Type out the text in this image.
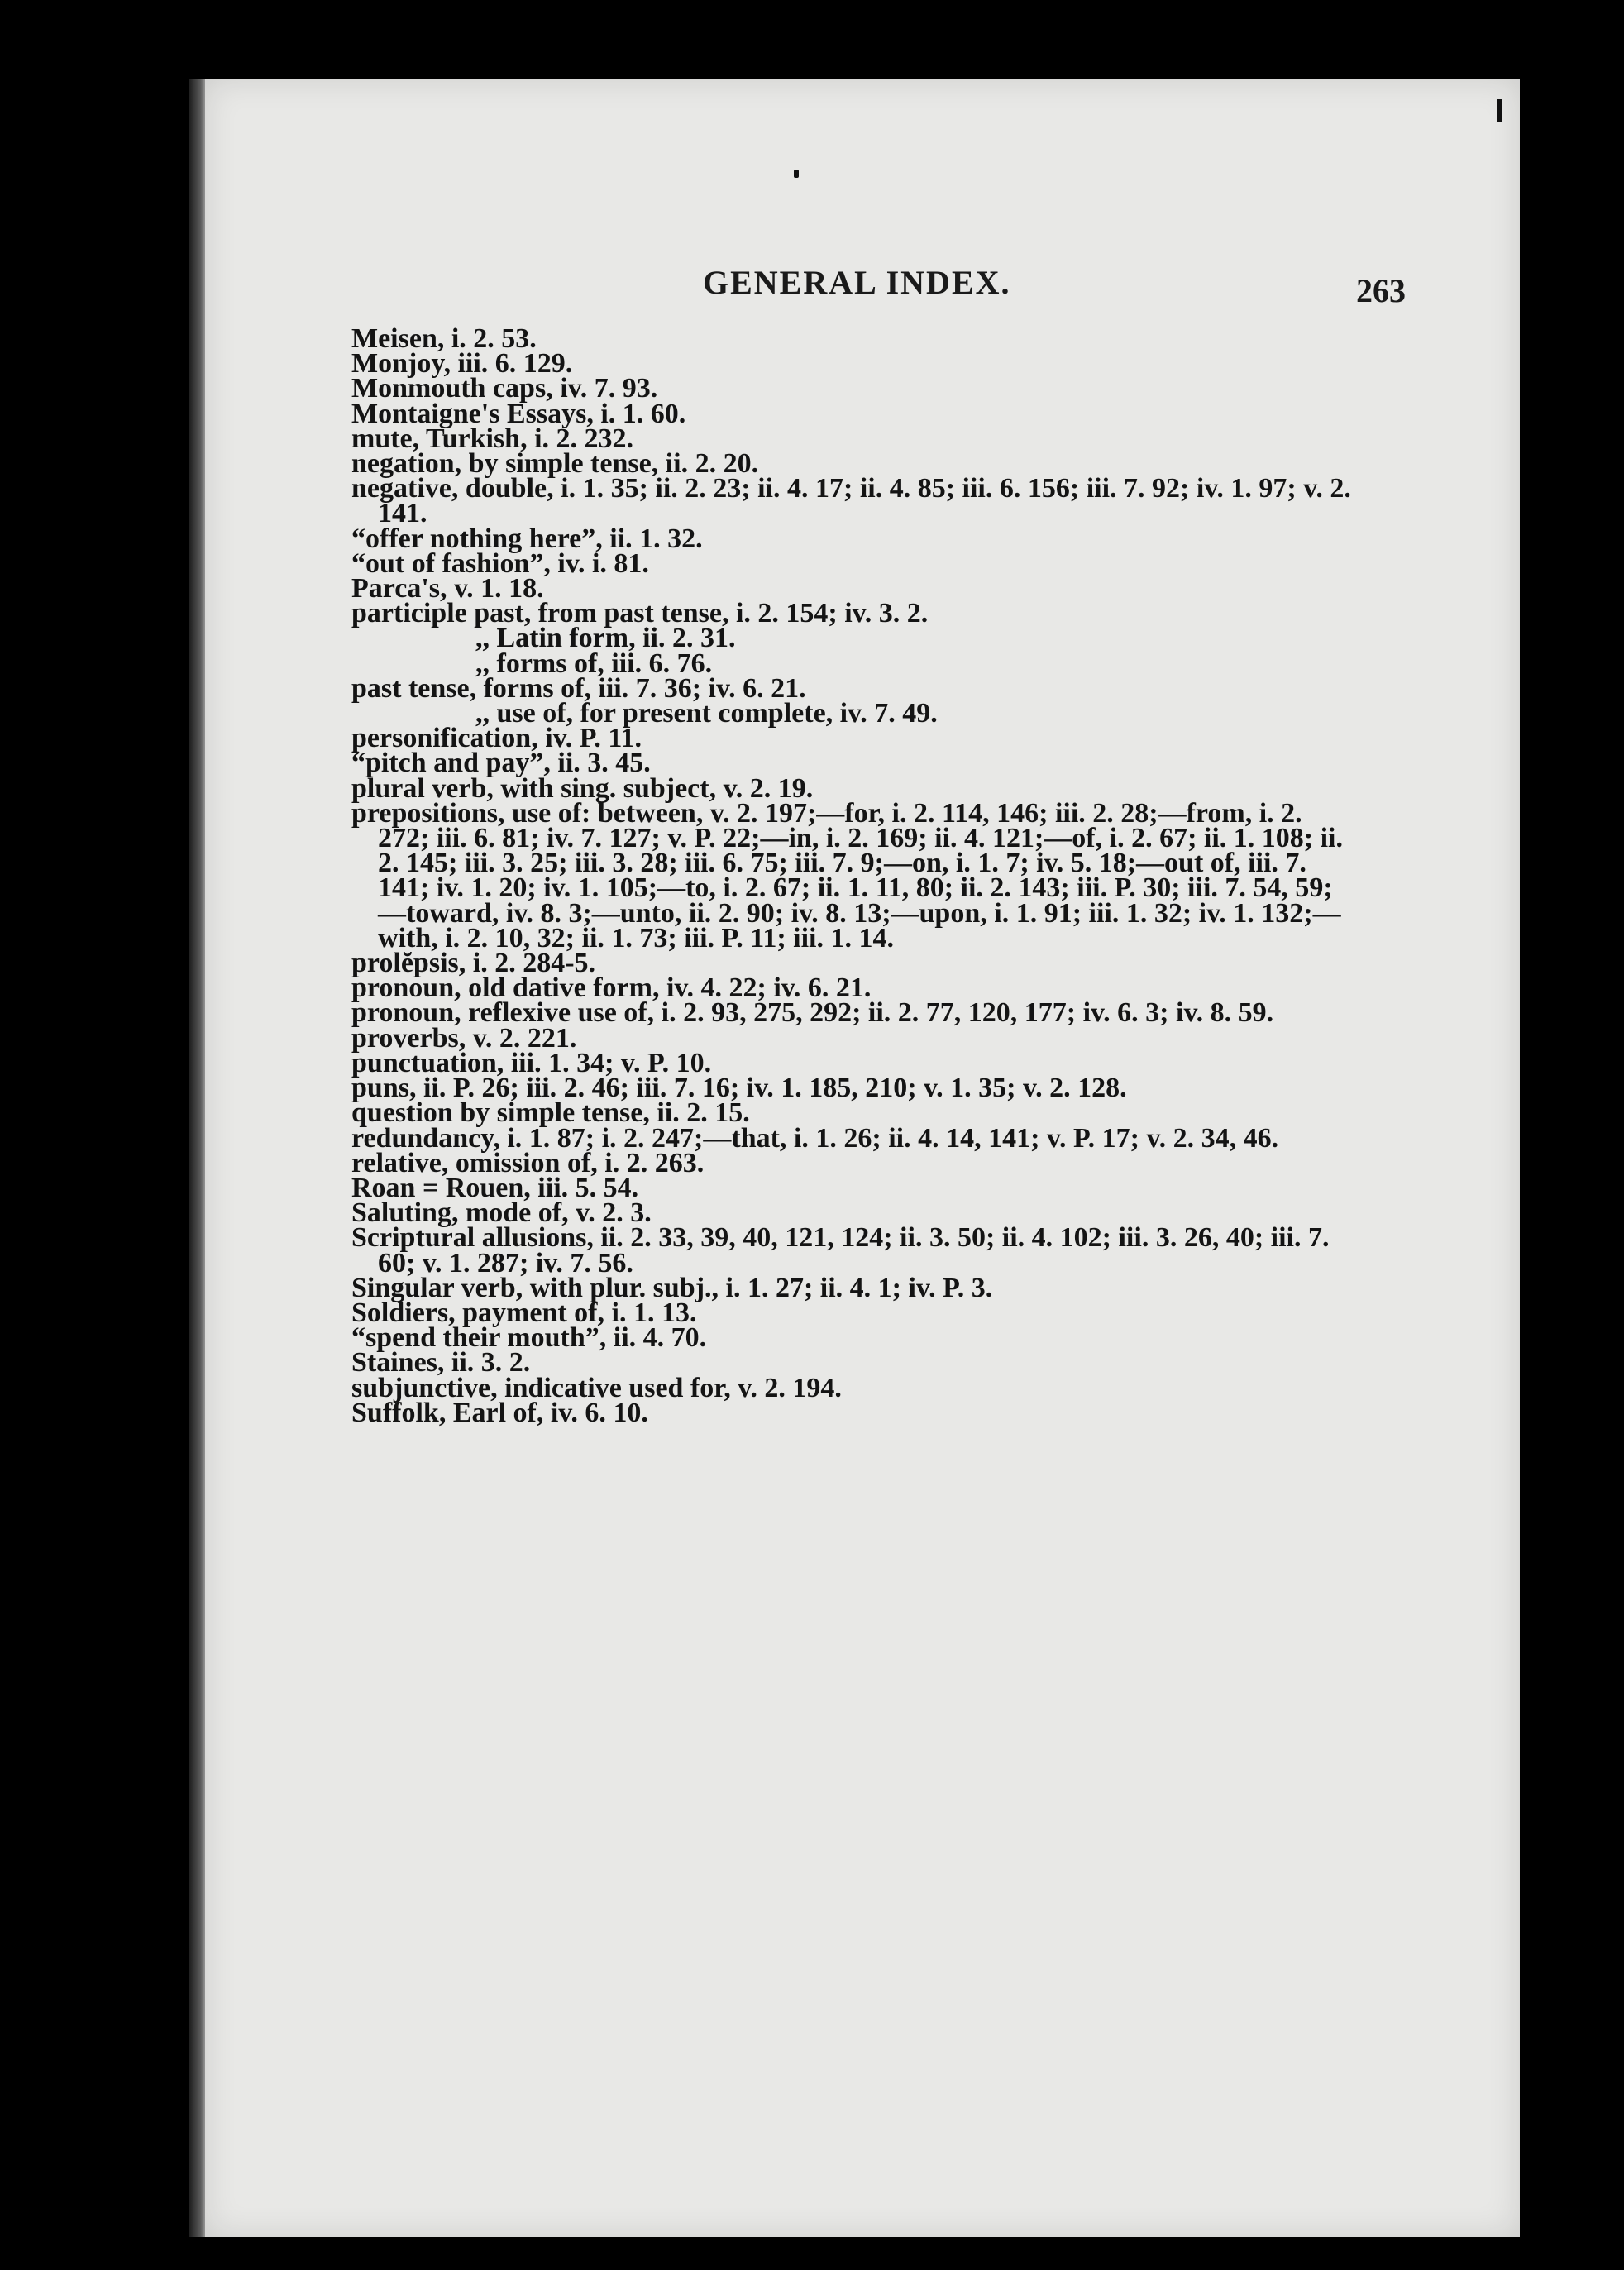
GENERAL INDEX.	263
Meisen, i. 2. 53.
Monjoy, iii. 6. 129.
Monmouth caps, iv. 7. 93.
Montaigne's Essays, i. 1. 60.
mute, Turkish, i. 2. 232.
negation, by simple tense, ii. 2. 20.
negative, double, i. 1. 35; ii. 2. 23; ii. 4. 17; ii. 4. 85; iii. 6. 156; iii. 7. 92; iv. 1. 97; v. 2. 141.
“offer nothing here”, ii. 1. 32.
“out of fashion”, iv. i. 81.
Parca's, v. 1. 18.
participle past, from past tense, i. 2. 154; iv. 3. 2.
,, Latin form, ii. 2. 31.
,, forms of, iii. 6. 76.
past tense, forms of, iii. 7. 36; iv. 6. 21.
,, use of, for present complete, iv. 7. 49.
personification, iv. P. 11.
“pitch and pay”, ii. 3. 45.
plural verb, with sing. subject, v. 2. 19.
prepositions, use of: between, v. 2. 197;—for, i. 2. 114, 146; iii. 2. 28;—from, i. 2. 272; iii. 6. 81; iv. 7. 127; v. P. 22;—in, i. 2. 169; ii. 4. 121;—of, i. 2. 67; ii. 1. 108; ii. 2. 145; iii. 3. 25; iii. 3. 28; iii. 6. 75; iii. 7. 9;—on, i. 1. 7; iv. 5. 18;—out of, iii. 7. 141; iv. 1. 20; iv. 1. 105;—to, i. 2. 67; ii. 1. 11, 80; ii. 2. 143; iii. P. 30; iii. 7. 54, 59;—toward, iv. 8. 3;—unto, ii. 2. 90; iv. 8. 13;—upon, i. 1. 91; iii. 1. 32; iv. 1. 132;—with, i. 2. 10, 32; ii. 1. 73; iii. P. 11; iii. 1. 14.
prolĕpsis, i. 2. 284-5.
pronoun, old dative form, iv. 4. 22; iv. 6. 21.
pronoun, reflexive use of, i. 2. 93, 275, 292; ii. 2. 77, 120, 177; iv. 6. 3; iv. 8. 59.
proverbs, v. 2. 221.
punctuation, iii. 1. 34; v. P. 10.
puns, ii. P. 26; iii. 2. 46; iii. 7. 16; iv. 1. 185, 210; v. 1. 35; v. 2. 128.
question by simple tense, ii. 2. 15.
redundancy, i. 1. 87; i. 2. 247;—that, i. 1. 26; ii. 4. 14, 141; v. P. 17; v. 2. 34, 46.
relative, omission of, i. 2. 263.
Roan = Rouen, iii. 5. 54.
Saluting, mode of, v. 2. 3.
Scriptural allusions, ii. 2. 33, 39, 40, 121, 124; ii. 3. 50; ii. 4. 102; iii. 3. 26, 40; iii. 7. 60; v. 1. 287; iv. 7. 56.
Singular verb, with plur. subj., i. 1. 27; ii. 4. 1; iv. P. 3.
Soldiers, payment of, i. 1. 13.
“spend their mouth”, ii. 4. 70.
Staines, ii. 3. 2.
subjunctive, indicative used for, v. 2. 194.
Suffolk, Earl of, iv. 6. 10.
